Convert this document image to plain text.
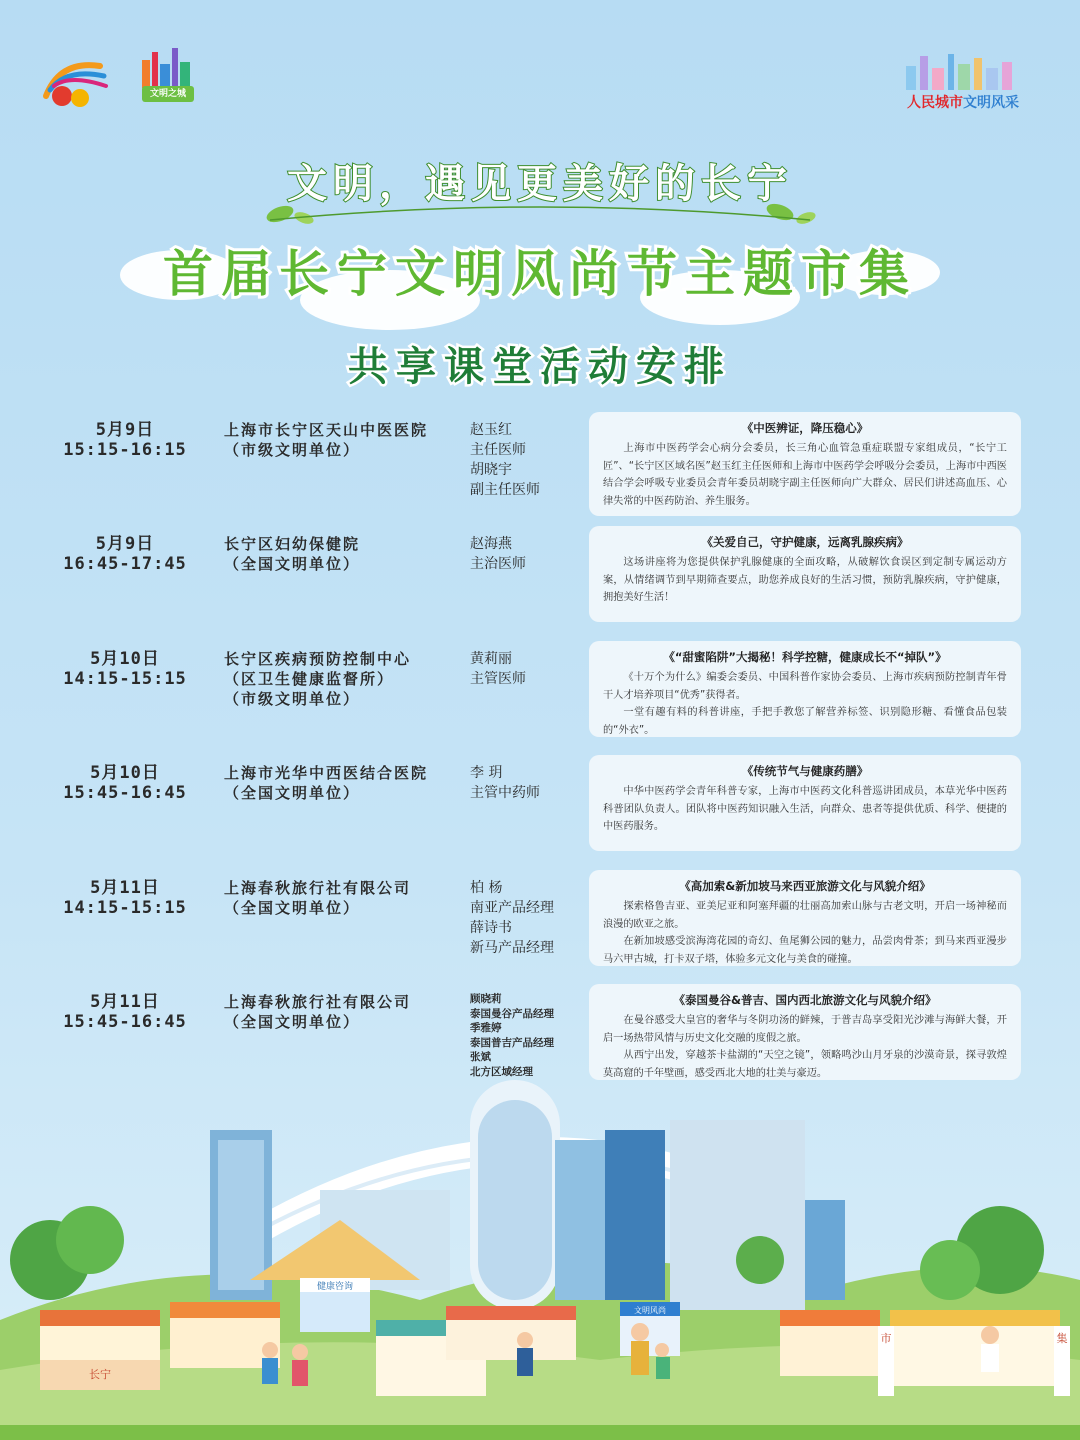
文明之城
人民城市文明风采
文明，遇见更美好的长宁
首届长宁文明风尚节主题市集
共享课堂活动安排
5月9日
15:15-16:15
上海市长宁区天山中医医院
（市级文明单位）
赵玉红
主任医师
胡晓宇
副主任医师
《中医辨证，降压稳心》

上海市中医药学会心病分会委员，长三角心血管急重症联盟专家组成员，“长宁工匠”、“长宁区区域名医”赵玉红主任医师和上海市中医药学会呼吸分会委员，上海市中西医结合学会呼吸专业委员会青年委员胡晓宇副主任医师向广大群众、居民们讲述高血压、心律失常的中医药防治、养生服务。

5月9日
16:45-17:45
长宁区妇幼保健院
（全国文明单位）
赵海燕
主治医师
《关爱自己，守护健康，远离乳腺疾病》

这场讲座将为您提供保护乳腺健康的全面攻略，从破解饮食误区到定制专属运动方案，从情绪调节到早期筛查要点，助您养成良好的生活习惯，预防乳腺疾病，守护健康，拥抱美好生活！

5月10日
14:15-15:15
长宁区疾病预防控制中心
（区卫生健康监督所）
（市级文明单位）
黄莉丽
主管医师
《“甜蜜陷阱”大揭秘！科学控糖，健康成长不“掉队”》

《十万个为什么》编委会委员、中国科普作家协会委员、上海市疾病预防控制青年骨干人才培养项目“优秀”获得者。

一堂有趣有料的科普讲座，手把手教您了解营养标签、识别隐形糖、看懂食品包装的“外衣”。

5月10日
15:45-16:45
上海市光华中西医结合医院
（全国文明单位）
李 玥
主管中药师
《传统节气与健康药膳》

中华中医药学会青年科普专家，上海市中医药文化科普巡讲团成员，本草光华中医药科普团队负责人。团队将中医药知识融入生活，向群众、患者等提供优质、科学、便捷的中医药服务。

5月11日
14:15-15:15
上海春秋旅行社有限公司
（全国文明单位）
柏 杨
南亚产品经理
薛诗书
新马产品经理
《高加索&新加坡马来西亚旅游文化与风貌介绍》

探索格鲁吉亚、亚美尼亚和阿塞拜疆的壮丽高加索山脉与古老文明，开启一场神秘而浪漫的欧亚之旅。

在新加坡感受滨海湾花园的奇幻、鱼尾狮公园的魅力，品尝肉骨茶；到马来西亚漫步马六甲古城，打卡双子塔，体验多元文化与美食的碰撞。

5月11日
15:45-16:45
上海春秋旅行社有限公司
（全国文明单位）
顾晓莉
泰国曼谷产品经理
季雅婷
泰国普吉产品经理
张斌
北方区域经理
《泰国曼谷&普吉、国内西北旅游文化与风貌介绍》

在曼谷感受大皇宫的奢华与冬阴功汤的鲜辣，于普吉岛享受阳光沙滩与海鲜大餐，开启一场热带风情与历史文化交融的度假之旅。

从西宁出发，穿越茶卡盐湖的“天空之镜”，领略鸣沙山月牙泉的沙漠奇景，探寻敦煌莫高窟的千年壁画，感受西北大地的壮美与豪迈。

长宁
健康咨询
文明风尚
市	集
